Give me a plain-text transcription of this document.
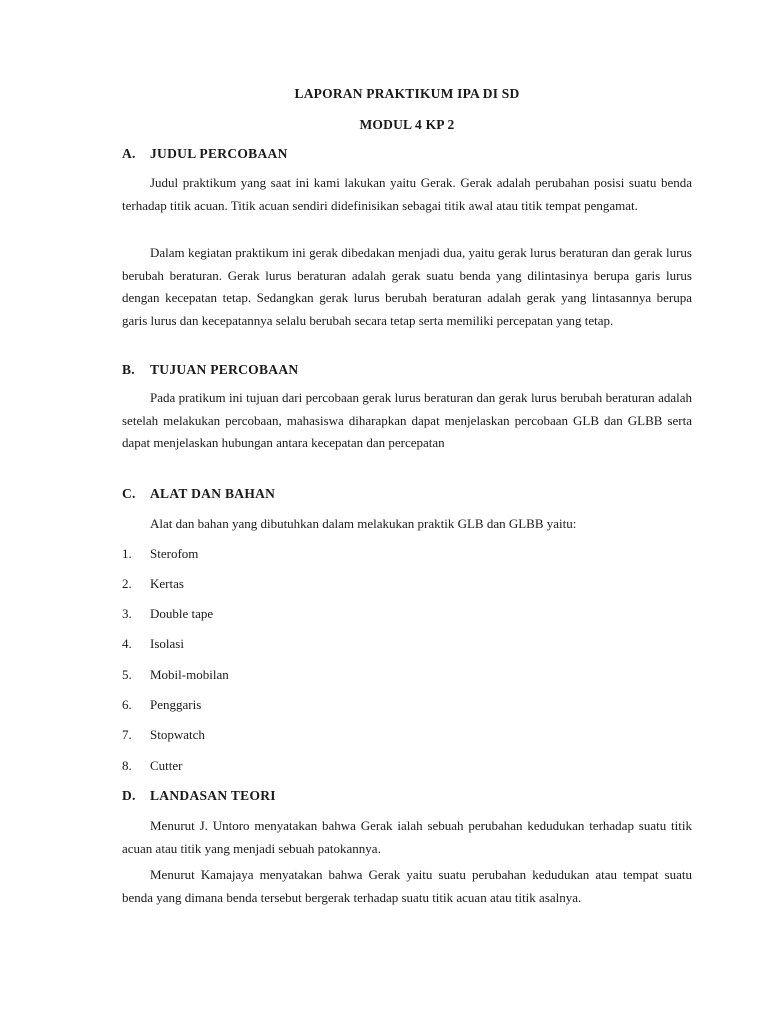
LAPORAN PRAKTIKUM IPA DI SD
MODUL 4 KP 2
A. JUDUL PERCOBAAN

Judul praktikum yang saat ini kami lakukan yaitu Gerak. Gerak adalah perubahan posisi suatu benda terhadap titik acuan. Titik acuan sendiri didefinisikan sebagai titik awal atau titik tempat pengamat.

Dalam kegiatan praktikum ini gerak dibedakan menjadi dua, yaitu gerak lurus beraturan dan gerak lurus berubah beraturan. Gerak lurus beraturan adalah gerak suatu benda yang dilintasinya berupa garis lurus dengan kecepatan tetap. Sedangkan gerak lurus berubah beraturan adalah gerak yang lintasannya berupa garis lurus dan kecepatannya selalu berubah secara tetap serta memiliki percepatan yang tetap.

B. TUJUAN PERCOBAAN

Pada pratikum ini tujuan dari percobaan gerak lurus beraturan dan gerak lurus berubah beraturan adalah setelah melakukan percobaan, mahasiswa diharapkan dapat menjelaskan percobaan GLB dan GLBB serta dapat menjelaskan hubungan antara kecepatan dan percepatan

C. ALAT DAN BAHAN
Alat dan bahan yang dibutuhkan dalam melakukan praktik GLB dan GLBB yaitu:
1. Sterofom
2. Kertas
3. Double tape
4. Isolasi
5. Mobil-mobilan
6. Penggaris
7. Stopwatch
8. Cutter
D. LANDASAN TEORI

Menurut J. Untoro menyatakan bahwa Gerak ialah sebuah perubahan kedudukan terhadap suatu titik acuan atau titik yang menjadi sebuah patokannya.

Menurut Kamajaya menyatakan bahwa Gerak yaitu suatu perubahan kedudukan atau tempat suatu benda yang dimana benda tersebut bergerak terhadap suatu titik acuan atau titik asalnya.
